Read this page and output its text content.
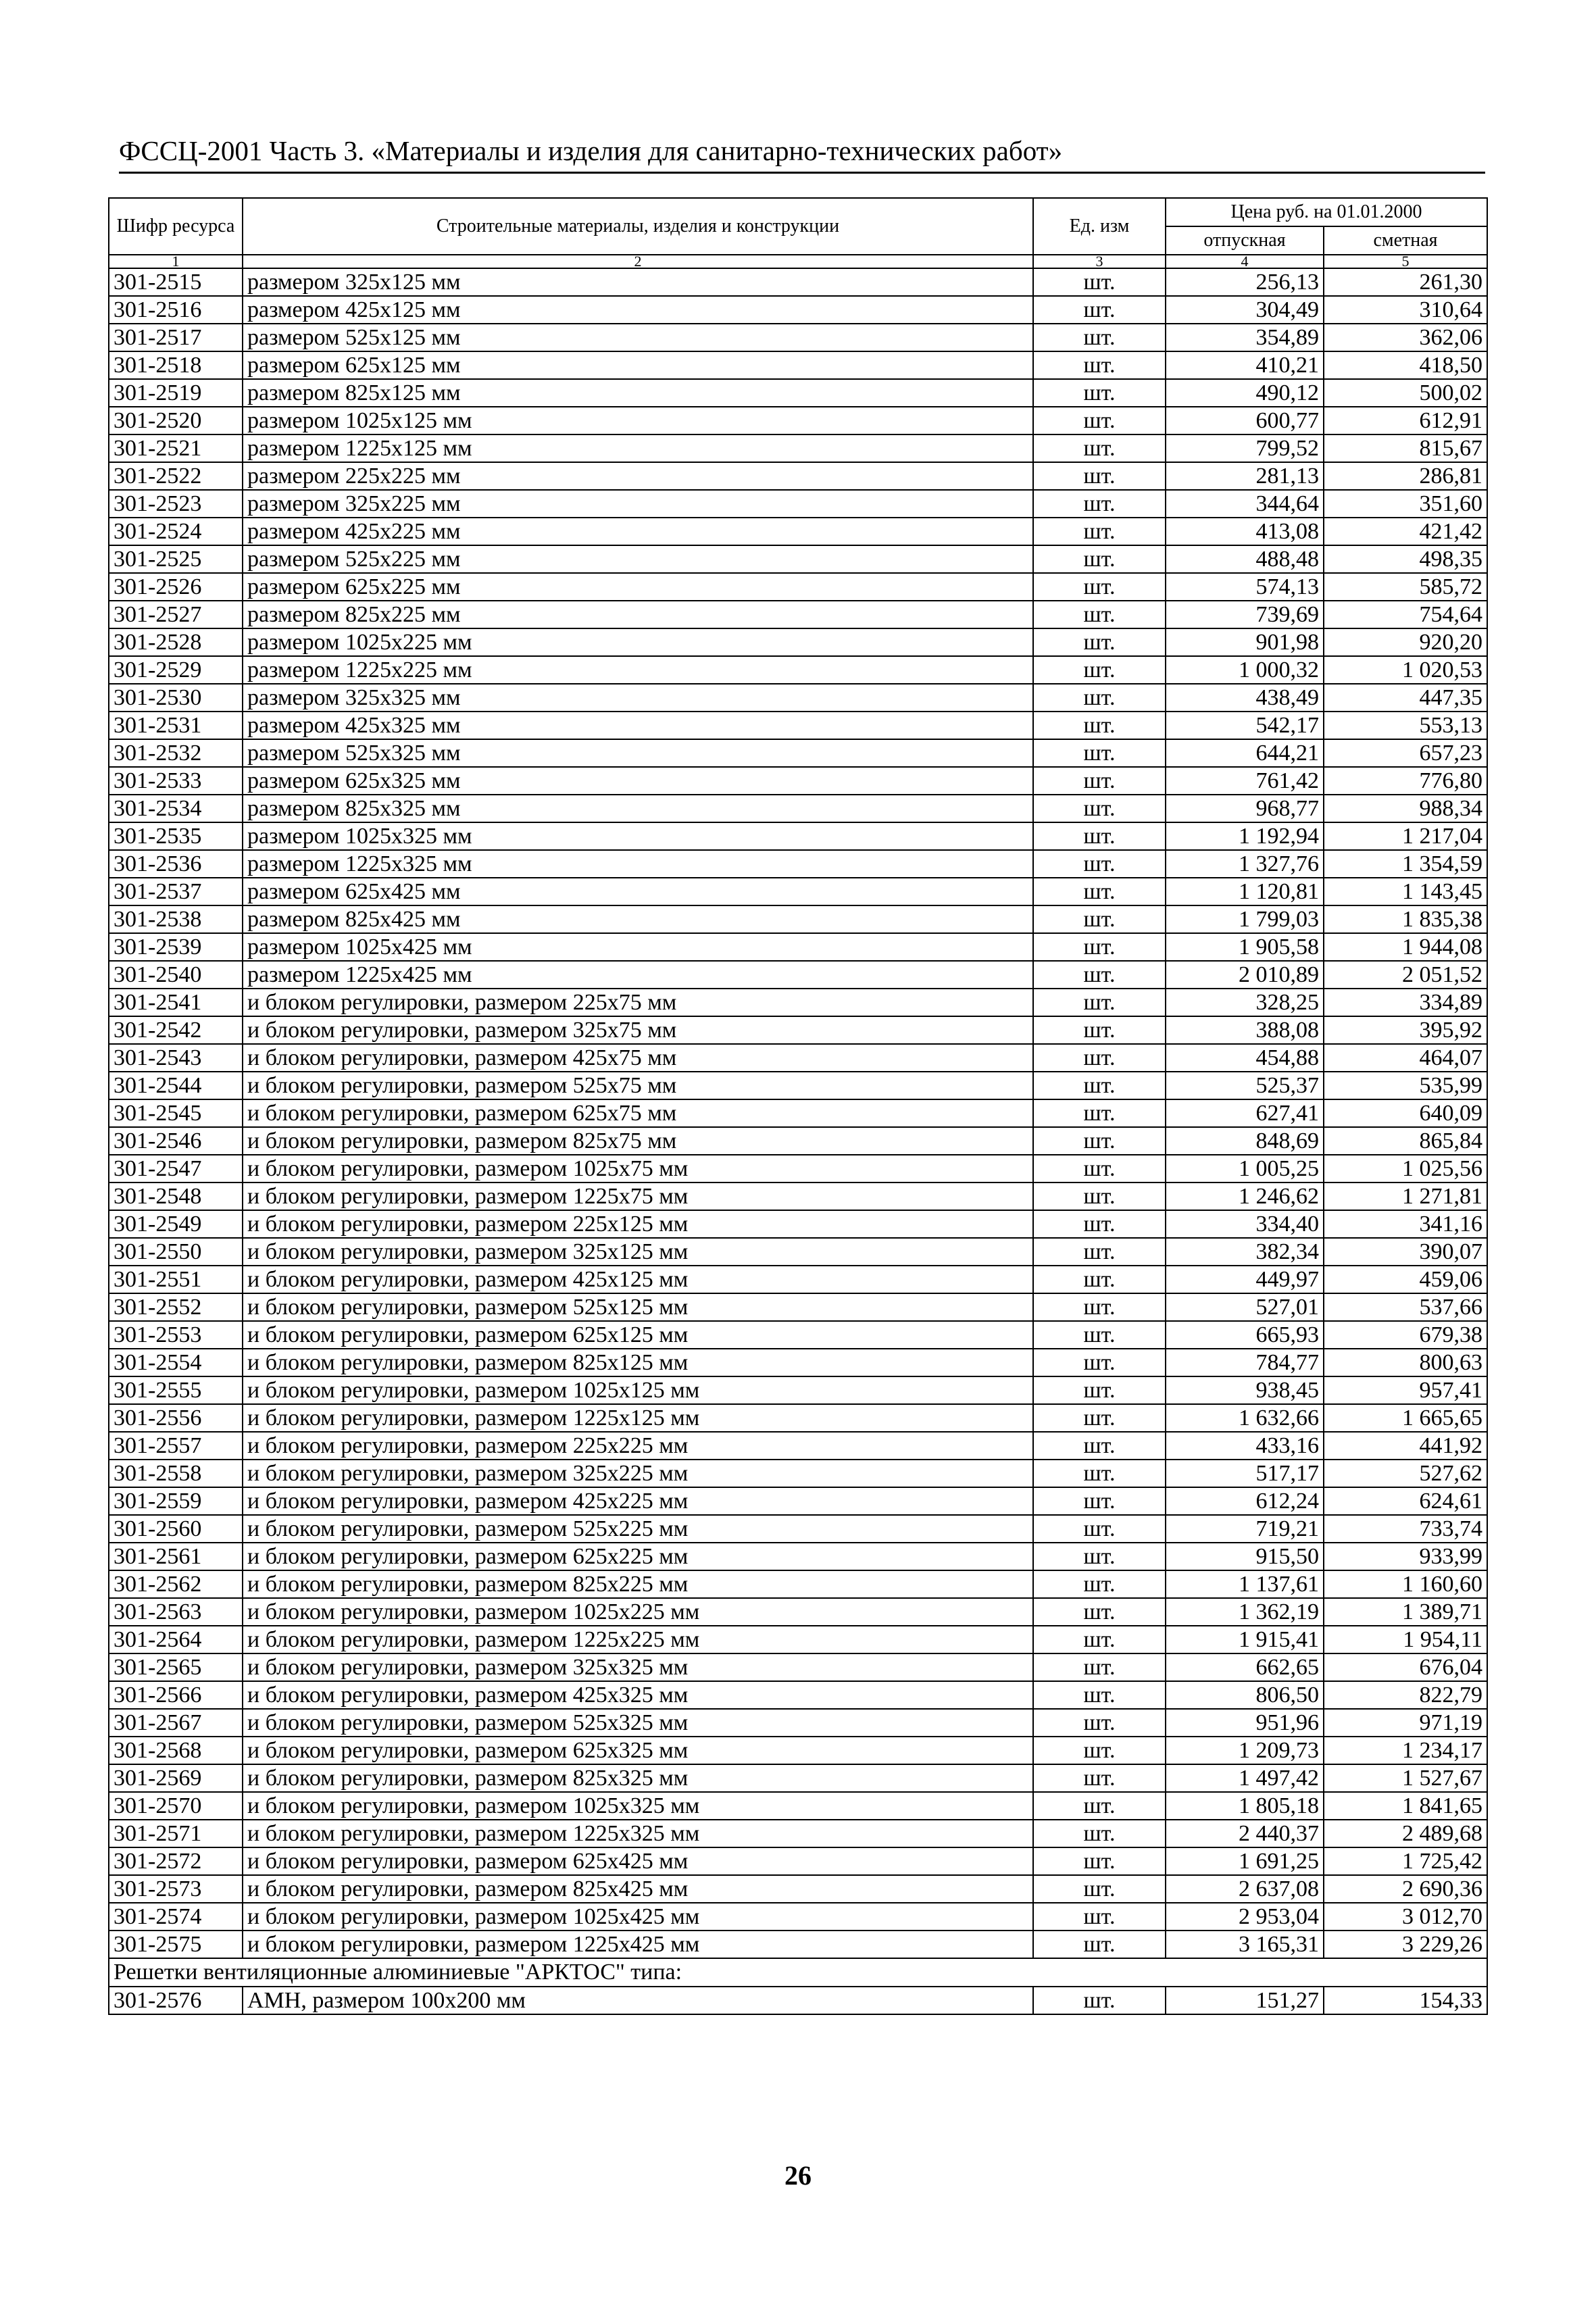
ФССЦ-2001 Часть 3. «Материалы и изделия для санитарно-технических работ»
Шифр ресурса	Строительные материалы, изделия и конструкции	Ед. изм	Цена руб. на 01.01.2000	
			отпускная	сметная
1	2	3	4	5
301-2515	размером 325x125 мм	шт.	256,13	261,30
301-2516	размером 425x125 мм	шт.	304,49	310,64
301-2517	размером 525x125 мм	шт.	354,89	362,06
301-2518	размером 625x125 мм	шт.	410,21	418,50
301-2519	размером 825x125 мм	шт.	490,12	500,02
301-2520	размером 1025x125 мм	шт.	600,77	612,91
301-2521	размером 1225x125 мм	шт.	799,52	815,67
301-2522	размером 225x225 мм	шт.	281,13	286,81
301-2523	размером 325x225 мм	шт.	344,64	351,60
301-2524	размером 425x225 мм	шт.	413,08	421,42
301-2525	размером 525x225 мм	шт.	488,48	498,35
301-2526	размером 625x225 мм	шт.	574,13	585,72
301-2527	размером 825x225 мм	шт.	739,69	754,64
301-2528	размером 1025x225 мм	шт.	901,98	920,20
301-2529	размером 1225x225 мм	шт.	1 000,32	1 020,53
301-2530	размером 325x325 мм	шт.	438,49	447,35
301-2531	размером 425x325 мм	шт.	542,17	553,13
301-2532	размером 525x325 мм	шт.	644,21	657,23
301-2533	размером 625x325 мм	шт.	761,42	776,80
301-2534	размером 825x325 мм	шт.	968,77	988,34
301-2535	размером 1025x325 мм	шт.	1 192,94	1 217,04
301-2536	размером 1225x325 мм	шт.	1 327,76	1 354,59
301-2537	размером 625x425 мм	шт.	1 120,81	1 143,45
301-2538	размером 825x425 мм	шт.	1 799,03	1 835,38
301-2539	размером 1025x425 мм	шт.	1 905,58	1 944,08
301-2540	размером 1225x425 мм	шт.	2 010,89	2 051,52
301-2541	и блоком регулировки, размером 225x75 мм	шт.	328,25	334,89
301-2542	и блоком регулировки, размером 325x75 мм	шт.	388,08	395,92
301-2543	и блоком регулировки, размером 425x75 мм	шт.	454,88	464,07
301-2544	и блоком регулировки, размером 525x75 мм	шт.	525,37	535,99
301-2545	и блоком регулировки, размером 625x75 мм	шт.	627,41	640,09
301-2546	и блоком регулировки, размером 825x75 мм	шт.	848,69	865,84
301-2547	и блоком регулировки, размером 1025x75 мм	шт.	1 005,25	1 025,56
301-2548	и блоком регулировки, размером 1225x75 мм	шт.	1 246,62	1 271,81
301-2549	и блоком регулировки, размером 225x125 мм	шт.	334,40	341,16
301-2550	и блоком регулировки, размером 325x125 мм	шт.	382,34	390,07
301-2551	и блоком регулировки, размером 425x125 мм	шт.	449,97	459,06
301-2552	и блоком регулировки, размером 525x125 мм	шт.	527,01	537,66
301-2553	и блоком регулировки, размером 625x125 мм	шт.	665,93	679,38
301-2554	и блоком регулировки, размером 825x125 мм	шт.	784,77	800,63
301-2555	и блоком регулировки, размером 1025x125 мм	шт.	938,45	957,41
301-2556	и блоком регулировки, размером 1225x125 мм	шт.	1 632,66	1 665,65
301-2557	и блоком регулировки, размером 225x225 мм	шт.	433,16	441,92
301-2558	и блоком регулировки, размером 325x225 мм	шт.	517,17	527,62
301-2559	и блоком регулировки, размером 425x225 мм	шт.	612,24	624,61
301-2560	и блоком регулировки, размером 525x225 мм	шт.	719,21	733,74
301-2561	и блоком регулировки, размером 625x225 мм	шт.	915,50	933,99
301-2562	и блоком регулировки, размером 825x225 мм	шт.	1 137,61	1 160,60
301-2563	и блоком регулировки, размером 1025x225 мм	шт.	1 362,19	1 389,71
301-2564	и блоком регулировки, размером 1225x225 мм	шт.	1 915,41	1 954,11
301-2565	и блоком регулировки, размером 325x325 мм	шт.	662,65	676,04
301-2566	и блоком регулировки, размером 425x325 мм	шт.	806,50	822,79
301-2567	и блоком регулировки, размером 525x325 мм	шт.	951,96	971,19
301-2568	и блоком регулировки, размером 625x325 мм	шт.	1 209,73	1 234,17
301-2569	и блоком регулировки, размером 825x325 мм	шт.	1 497,42	1 527,67
301-2570	и блоком регулировки, размером 1025x325 мм	шт.	1 805,18	1 841,65
301-2571	и блоком регулировки, размером 1225x325 мм	шт.	2 440,37	2 489,68
301-2572	и блоком регулировки, размером 625x425 мм	шт.	1 691,25	1 725,42
301-2573	и блоком регулировки, размером 825x425 мм	шт.	2 637,08	2 690,36
301-2574	и блоком регулировки, размером 1025x425 мм	шт.	2 953,04	3 012,70
301-2575	и блоком регулировки, размером 1225x425 мм	шт.	3 165,31	3 229,26
Решетки вентиляционные алюминиевые "АРКТОС" типа:				
301-2576	АМН, размером 100x200 мм	шт.	151,27	154,33
26
